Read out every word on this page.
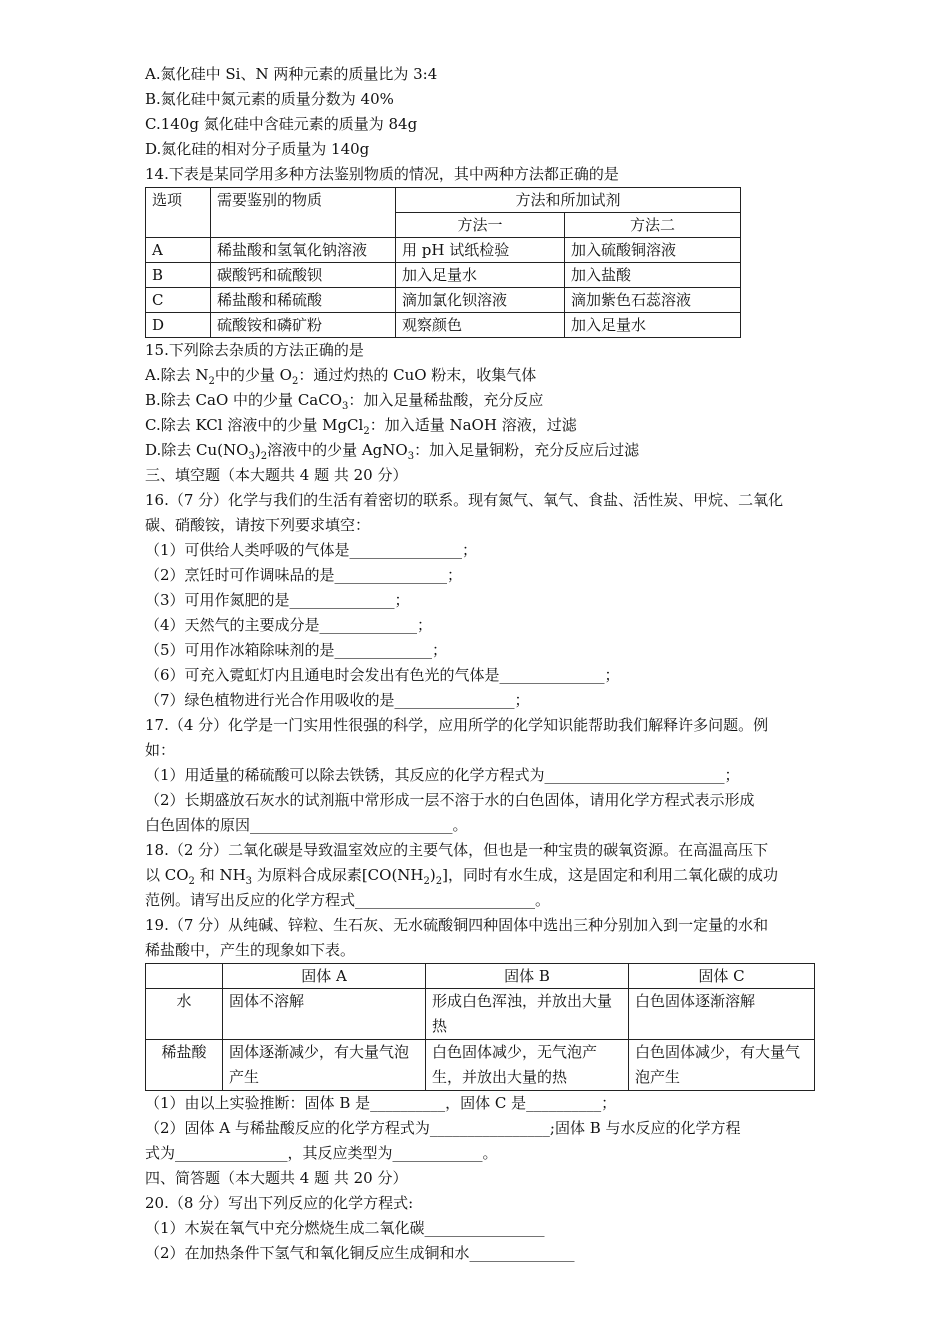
A.氮化硅中 Si、N 两种元素的质量比为 3:4
B.氮化硅中氮元素的质量分数为 40%
C.140g 氮化硅中含硅元素的质量为 84g
D.氮化硅的相对分子质量为 140g
14.下表是某同学用多种方法鉴别物质的情况，其中两种方法都正确的是
选项	需要鉴别的物质	方法和所加试剂	
		方法一	方法二
A	稀盐酸和氢氧化钠溶液	用 pH 试纸检验	加入硫酸铜溶液
B	碳酸钙和硫酸钡	加入足量水	加入盐酸
C	稀盐酸和稀硫酸	滴加氯化钡溶液	滴加紫色石蕊溶液
D	硫酸铵和磷矿粉	观察颜色	加入足量水
15.下列除去杂质的方法正确的是
A.除去 $N_2$中的少量 $O_2$：通过灼热的 CuO 粉末，收集气体
B.除去 CaO 中的少量 CaCO$_3$：加入足量稀盐酸，充分反应
C.除去 KCl 溶液中的少量 MgCl$_2$：加入适量 NaOH 溶液，过滤
D.除去 $Cu(NO_3)_2$溶液中的少量 AgNO$_3$：加入足量铜粉，充分反应后过滤
三、填空题（本大题共 4 题 共 20 分）
16.（7 分）化学与我们的生活有着密切的联系。现有氮气、氧气、食盐、活性炭、甲烷、二氧化
碳、硝酸铵，请按下列要求填空：
（1）可供给人类呼吸的气体是_______________；
（2）烹饪时可作调味品的是_______________；
（3）可用作氮肥的是______________；
（4）天然气的主要成分是_____________；
（5）可用作冰箱除味剂的是_____________；
（6）可充入霓虹灯内且通电时会发出有色光的气体是______________；
（7）绿色植物进行光合作用吸收的是________________；
17.（4 分）化学是一门实用性很强的科学，应用所学的化学知识能帮助我们解释许多问题。例
如：
（1）用适量的稀硫酸可以除去铁锈，其反应的化学方程式为________________________；
（2）长期盛放石灰水的试剂瓶中常形成一层不溶于水的白色固体，请用化学方程式表示形成
白色固体的原因___________________________。
18.（2 分）二氧化碳是导致温室效应的主要气体，但也是一种宝贵的碳氧资源。在高温高压下
以 $CO_2$ 和 $NH_3$ 为原料合成尿素$[CO(NH_2)_2]$，同时有水生成，这是固定和利用二氧化碳的成功
范例。请写出反应的化学方程式________________________。
19.（7 分）从纯碱、锌粒、生石灰、无水硫酸铜四种固体中选出三种分别加入到一定量的水和
稀盐酸中，产生的现象如下表。
	固体 A	固体 B	固体 C
水	固体不溶解	形成白色浑浊，并放出大量热	白色固体逐渐溶解
稀盐酸	固体逐渐减少，有大量气泡产生	白色固体减少，无气泡产生，并放出大量的热	白色固体减少，有大量气泡产生
（1）由以上实验推断：固体 B 是__________，固体 C 是__________；
（2）固体 A 与稀盐酸反应的化学方程式为________________;固体 B 与水反应的化学方程
式为_______________，其反应类型为____________。
四、简答题（本大题共 4 题 共 20 分）
20.（8 分）写出下列反应的化学方程式:
（1）木炭在氧气中充分燃烧生成二氧化碳________________
（2）在加热条件下氢气和氧化铜反应生成铜和水______________
